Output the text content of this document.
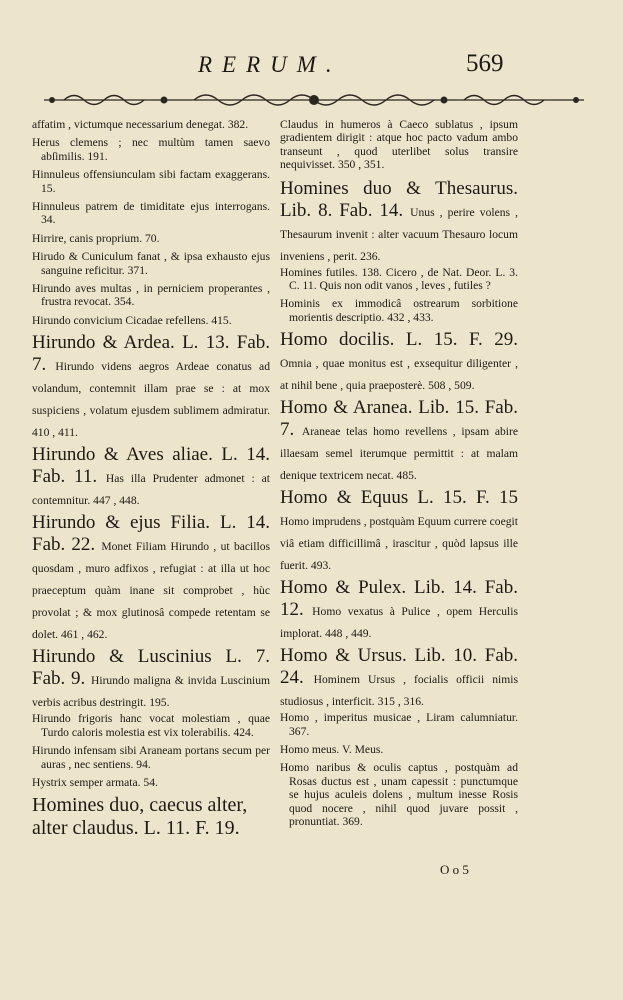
RERUM.	569

affatim , victumque necessarium denegat. 382.

Herus clemens ; nec multùm tamen saevo abſimilis. 191.

Hinnuleus offensiunculam sibi factam exaggerans. 15.

Hinnuleus patrem de timiditate ejus interrogans. 34.

Hirrire, canis proprium. 70.

Hirudo & Cuniculum fanat , & ipsa exhausto ejus sanguine reficitur. 371.

Hirundo aves multas , in perniciem properantes , frustra revocat. 354.

Hirundo convicium Cicadae refellens. 415.

Hirundo & Ardea. L. 13. Fab. 7. Hirundo videns aegros Ardeae conatus ad volandum, contemnit illam prae se : at mox suspiciens , volatum ejusdem sublimem admiratur. 410 , 411.

Hirundo & Aves aliae. L. 14. Fab. 11. Has illa Prudenter admonet : at contemnitur. 447 , 448.

Hirundo & ejus Filia. L. 14. Fab. 22. Monet Filiam Hirundo , ut bacillos quosdam , muro adfixos , refugiat : at illa ut hoc praeceptum quàm inane sit comprobet , hùc provolat ; & mox glutinosâ compede retentam se dolet. 461 , 462.

Hirundo & Luscinius L. 7. Fab. 9. Hirundo maligna & invida Luscinium verbis acribus destringit. 195.

Hirundo frigoris hanc vocat molestiam , quae Turdo caloris molestia est vix tolerabilis. 424.

Hirundo infensam sibi Araneam portans secum per auras , nec sentiens. 94.

Hystrix semper armata. 54.

Homines duo, caecus alter, alter claudus. L. 11. F. 19.

Claudus in humeros à Caeco sublatus , ipsum gradientem dirigit : atque hoc pacto vadum ambo transeunt , quod uterlibet solus transire nequivisset. 350 , 351.

Homines duo & Thesaurus. Lib. 8. Fab. 14. Unus , perire volens , Thesaurum invenit : alter vacuum Thesauro locum inveniens , perit. 236.

Homines futiles. 138. Cicero , de Nat. Deor. L. 3. C. 11. Quis non odit vanos , leves , futiles ?

Hominis ex immodicâ ostrearum sorbitione morientis descriptio. 432 , 433.

Homo docilis. L. 15. F. 29. Omnia , quae monitus est , exsequitur diligenter , at nihil bene , quia praeposterè. 508 , 509.

Homo & Aranea. Lib. 15. Fab. 7. Araneae telas homo revellens , ipsam abire illaesam semel iterumque permittit : at malam denique textricem necat. 485.

Homo & Equus L. 15. F. 15 Homo imprudens , postquàm Equum currere coegit viâ etiam difficillimâ , irascitur , quòd lapsus ille fuerit. 493.

Homo & Pulex. Lib. 14. Fab. 12. Homo vexatus à Pulice , opem Herculis implorat. 448 , 449.

Homo & Ursus. Lib. 10. Fab. 24. Hominem Ursus , focialis officii nimis studiosus , interficit. 315 , 316.

Homo , imperitus musicae , Liram calumniatur. 367.

Homo meus. V. Meus.

Homo naribus & oculis captus , postquàm ad Rosas ductus est , unam capessit : punctumque se hujus aculeis dolens , multum inesse Rosis quod nocere , nihil quod juvare possit , pronuntiat. 369.

O o 5
